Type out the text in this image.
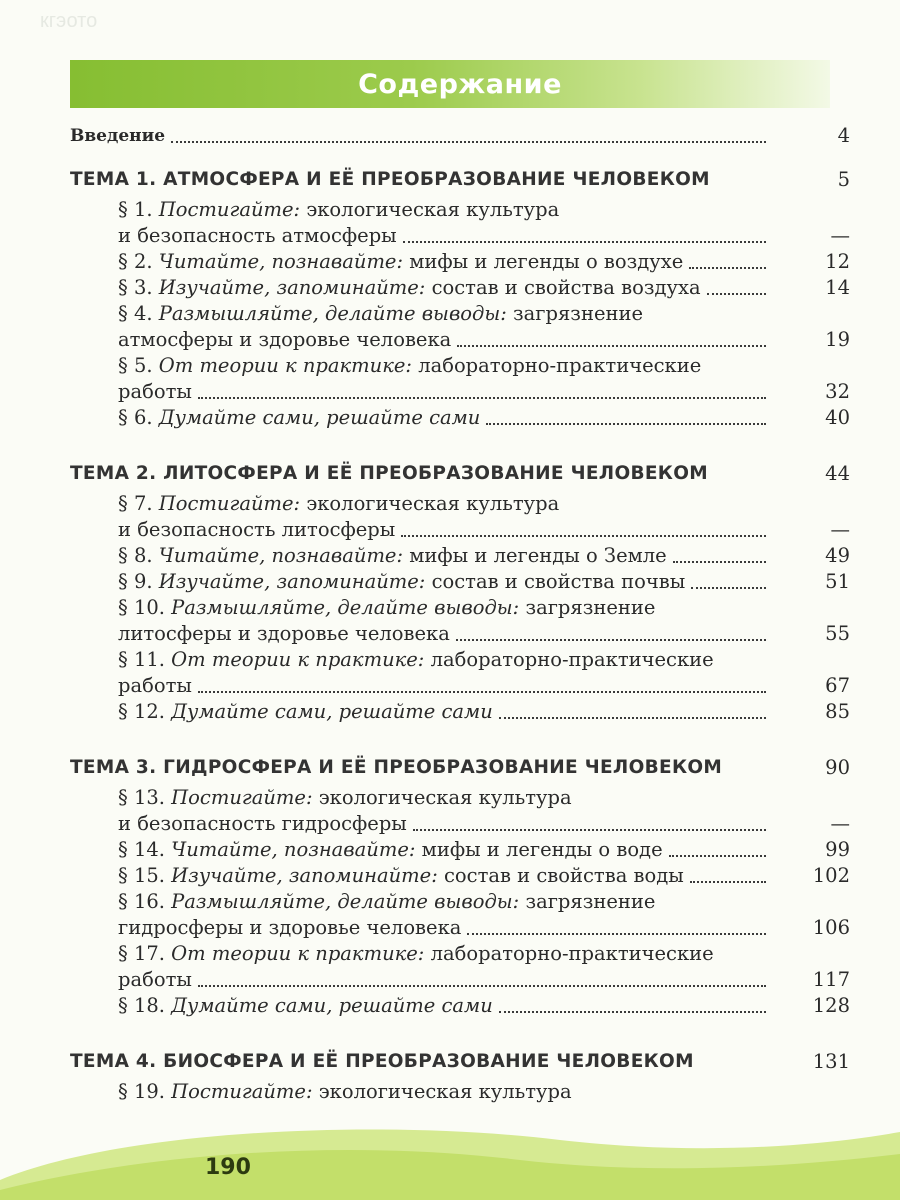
кгэото
Содержание
Введение	4
ТЕМА 1. АТМОСФЕРА И ЕЁ ПРЕОБРАЗОВАНИЕ ЧЕЛОВЕКОМ	5
§ 1. Постигайте: экологическая культура
и безопасность атмосферы	—
§ 2. Читайте, познавайте: мифы и легенды о воздухе	12
§ 3. Изучайте, запоминайте: состав и свойства воздуха	14
§ 4. Размышляйте, делайте выводы: загрязнение
атмосферы и здоровье человека	19
§ 5. От теории к практике: лабораторно-практические
работы	32
§ 6. Думайте сами, решайте сами	40
ТЕМА 2. ЛИТОСФЕРА И ЕЁ ПРЕОБРАЗОВАНИЕ ЧЕЛОВЕКОМ	44
§ 7. Постигайте: экологическая культура
и безопасность литосферы	—
§ 8. Читайте, познавайте: мифы и легенды о Земле	49
§ 9. Изучайте, запоминайте: состав и свойства почвы	51
§ 10. Размышляйте, делайте выводы: загрязнение
литосферы и здоровье человека	55
§ 11. От теории к практике: лабораторно-практические
работы	67
§ 12. Думайте сами, решайте сами	85
ТЕМА 3. ГИДРОСФЕРА И ЕЁ ПРЕОБРАЗОВАНИЕ ЧЕЛОВЕКОМ	90
§ 13. Постигайте: экологическая культура
и безопасность гидросферы	—
§ 14. Читайте, познавайте: мифы и легенды о воде	99
§ 15. Изучайте, запоминайте: состав и свойства воды	102
§ 16. Размышляйте, делайте выводы: загрязнение
гидросферы и здоровье человека	106
§ 17. От теории к практике: лабораторно-практические
работы	117
§ 18. Думайте сами, решайте сами	128
ТЕМА 4. БИОСФЕРА И ЕЁ ПРЕОБРАЗОВАНИЕ ЧЕЛОВЕКОМ	131
§ 19. Постигайте: экологическая культура
190
